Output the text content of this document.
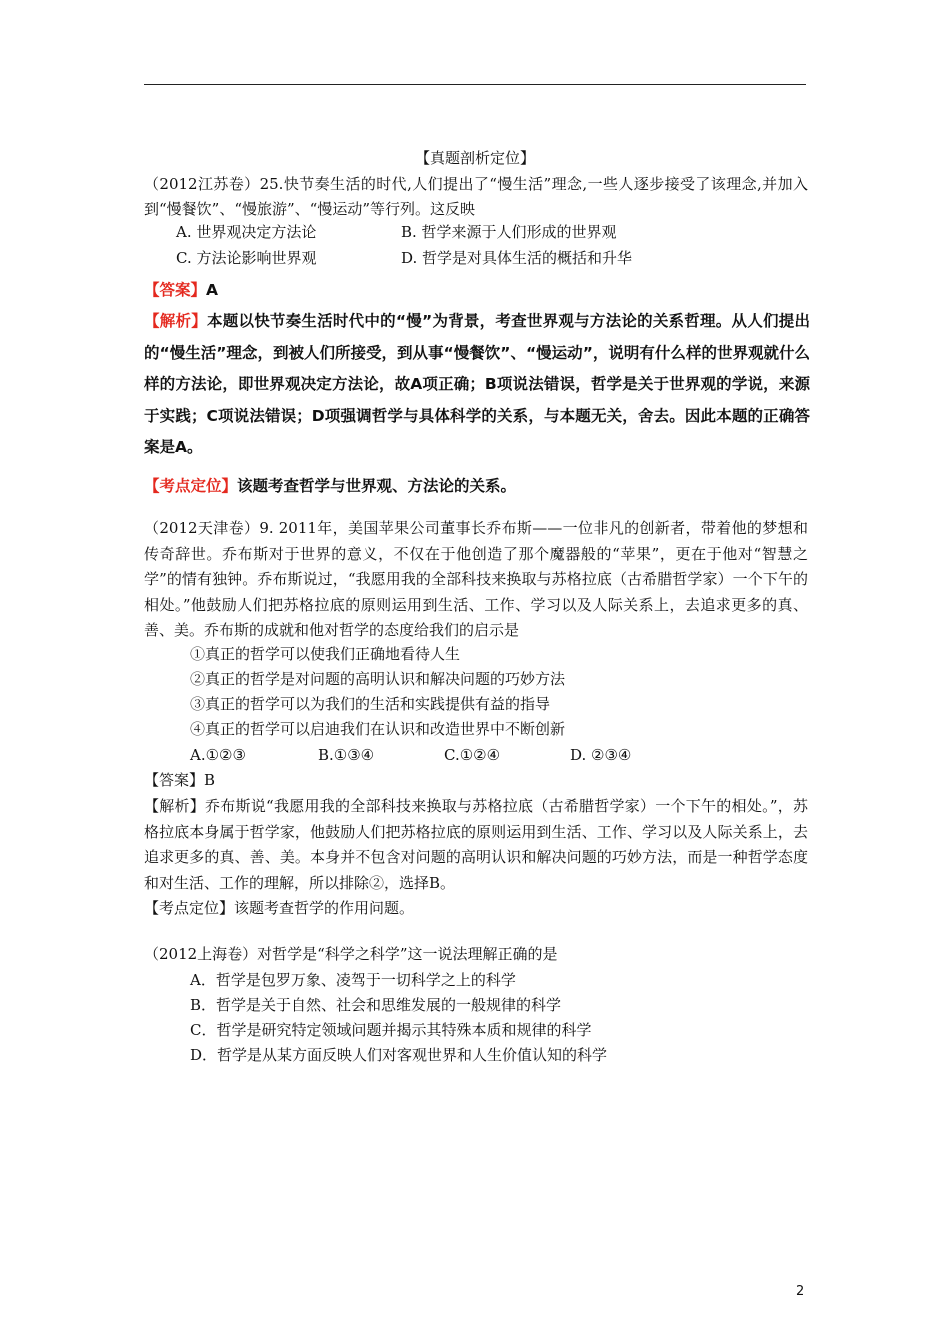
【真题剖析定位】
（2012江苏卷）25.快节奏生活的时代,人们提出了“慢生活”理念,一些人逐步接受了该理念,并加入到“慢餐饮”、“慢旅游”、“慢运动”等行列。这反映
A. 世界观决定方法论	B. 哲学来源于人们形成的世界观
C. 方法论影响世界观	D. 哲学是对具体生活的概括和升华
【答案】A
【解析】本题以快节奏生活时代中的“慢”为背景，考查世界观与方法论的关系哲理。从人们提出的“慢生活”理念，到被人们所接受，到从事“慢餐饮”、“慢运动”，说明有什么样的世界观就什么样的方法论，即世界观决定方法论，故A项正确；B项说法错误，哲学是关于世界观的学说，来源于实践；C项说法错误；D项强调哲学与具体科学的关系，与本题无关，舍去。因此本题的正确答案是A。
【考点定位】该题考查哲学与世界观、方法论的关系。
（2012天津卷）9. 2011年，美国苹果公司董事长乔布斯——一位非凡的创新者，带着他的梦想和传奇辞世。乔布斯对于世界的意义，不仅在于他创造了那个魔器般的“苹果”，更在于他对“智慧之学”的情有独钟。乔布斯说过，“我愿用我的全部科技来换取与苏格拉底（古希腊哲学家）一个下午的相处。”他鼓励人们把苏格拉底的原则运用到生活、工作、学习以及人际关系上，去追求更多的真、善、美。乔布斯的成就和他对哲学的态度给我们的启示是
①真正的哲学可以使我们正确地看待人生
②真正的哲学是对问题的高明认识和解决问题的巧妙方法
③真正的哲学可以为我们的生活和实践提供有益的指导
④真正的哲学可以启迪我们在认识和改造世界中不断创新
A.①②③	B.①③④	C.①②④	D. ②③④
【答案】B
【解析】乔布斯说“我愿用我的全部科技来换取与苏格拉底（古希腊哲学家）一个下午的相处。”，苏格拉底本身属于哲学家，他鼓励人们把苏格拉底的原则运用到生活、工作、学习以及人际关系上，去追求更多的真、善、美。本身并不包含对问题的高明认识和解决问题的巧妙方法，而是一种哲学态度和对生活、工作的理解，所以排除②，选择B。
【考点定位】该题考查哲学的作用问题。
（2012上海卷）对哲学是“科学之科学”这一说法理解正确的是
A．哲学是包罗万象、凌驾于一切科学之上的科学
B．哲学是关于自然、社会和思维发展的一般规律的科学
C．哲学是研究特定领域问题并揭示其特殊本质和规律的科学
D．哲学是从某方面反映人们对客观世界和人生价值认知的科学
2
